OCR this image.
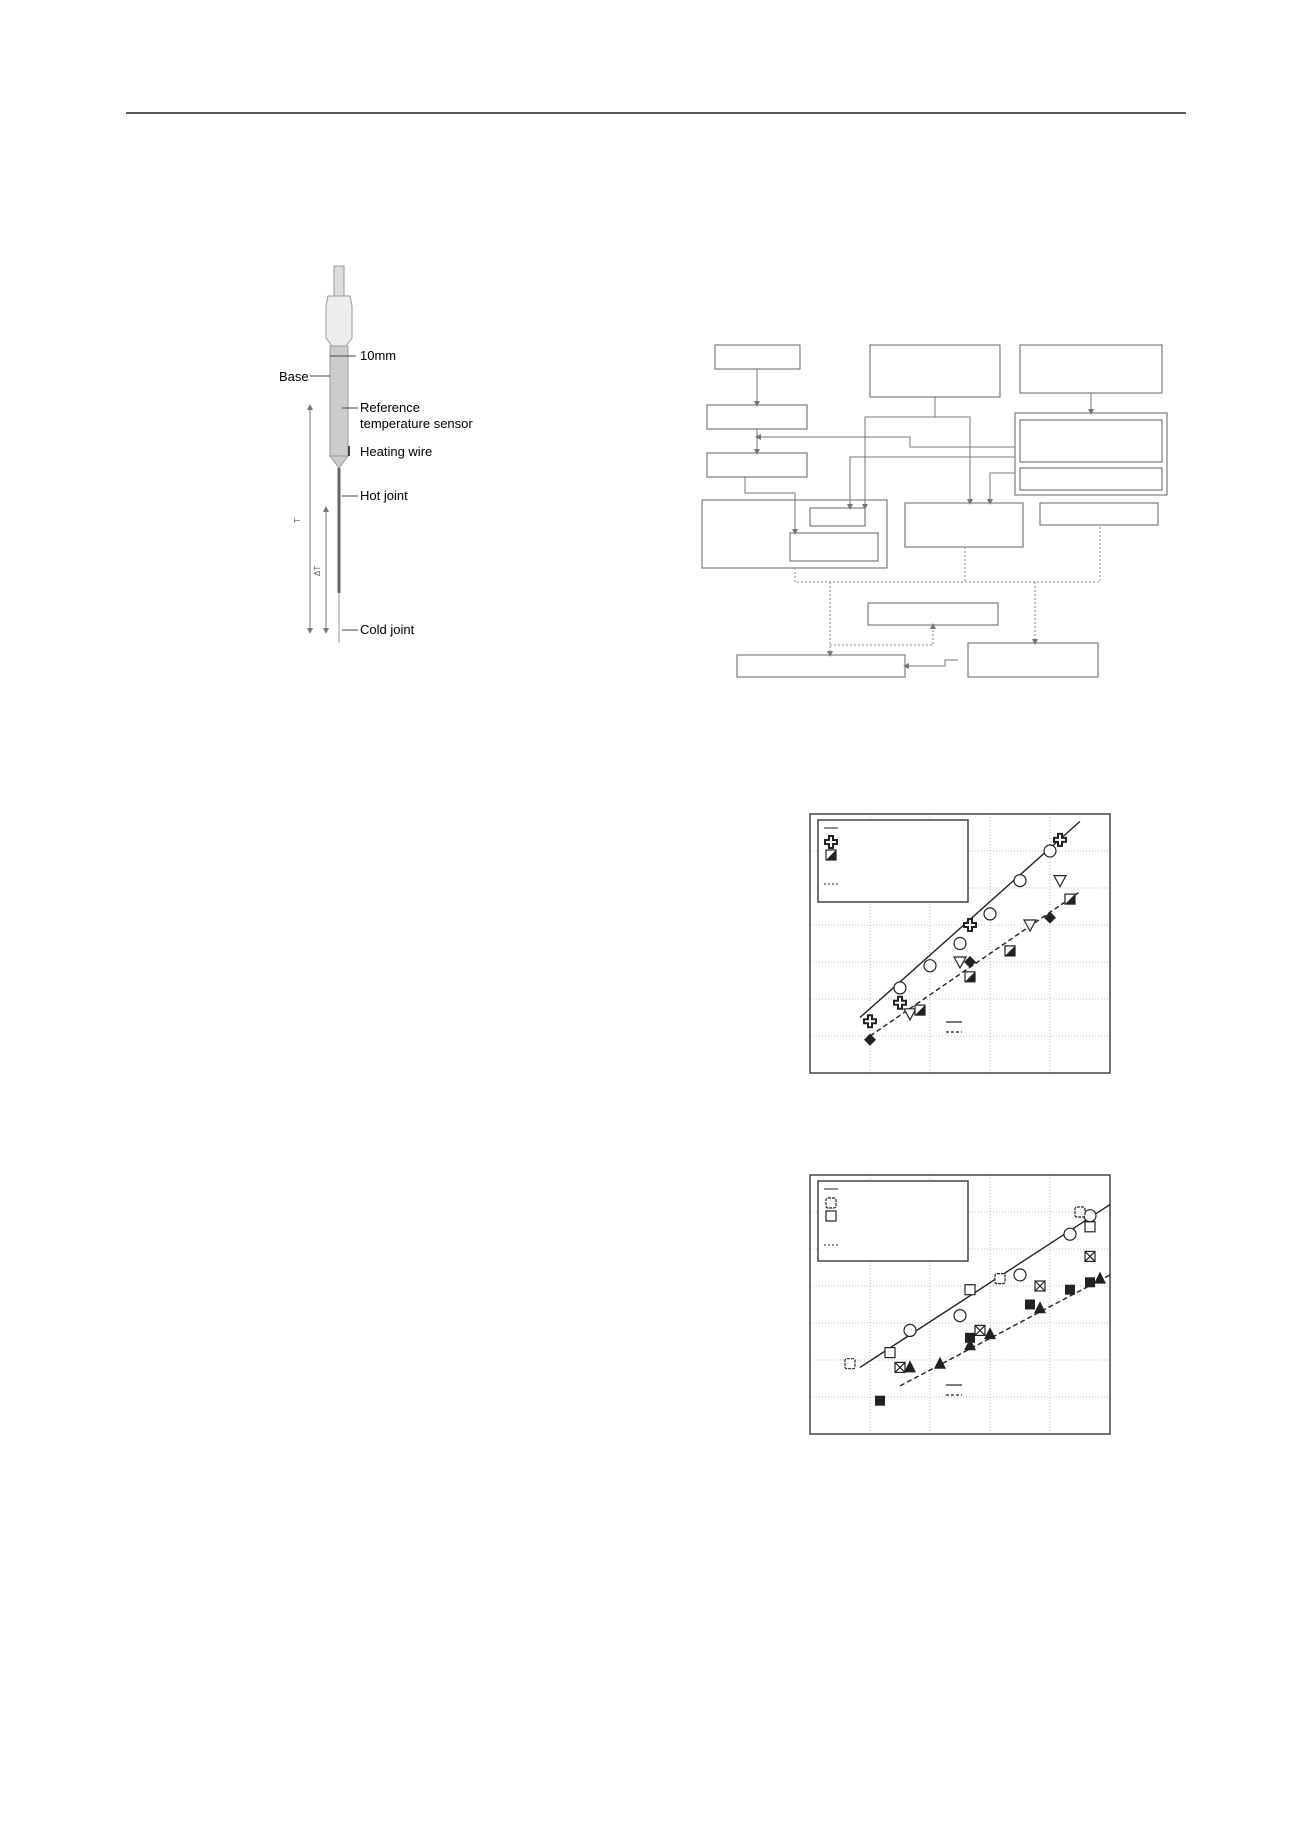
10mm
Base
Reference
temperature sensor
Heating wire
Hot joint
Cold joint
T
ΔT
